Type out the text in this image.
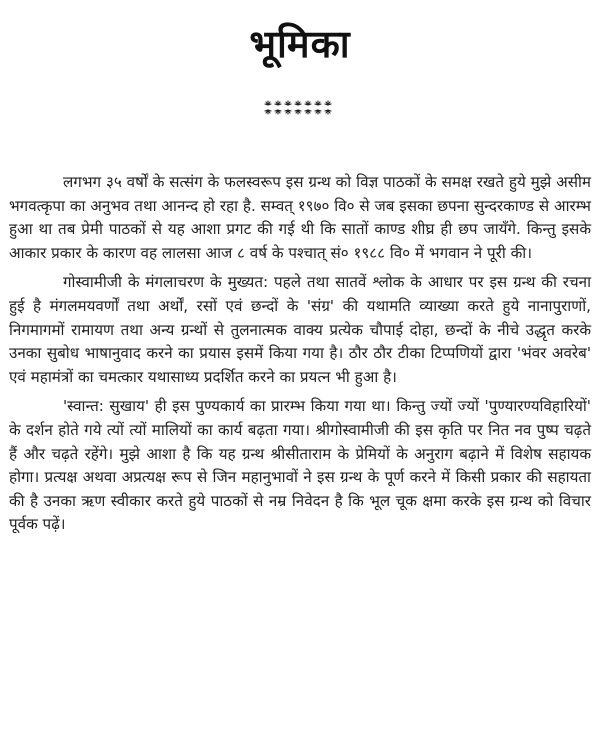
भूमिका

लगभग ३५ वर्षों के सत्संग के फलस्वरूप इस ग्रन्थ को विज्ञ पाठकों के समक्ष रखते हुये मुझे असीम भगवत्कृपा का अनुभव तथा आनन्द हो रहा है. सम्वत् १९७० वि० से जब इसका छपना सुन्दरकाण्ड से आरम्भ हुआ था तब प्रेमी पाठकों से यह आशा प्रगट की गई थी कि सातों काण्ड शीघ्र ही छप जायँगे. किन्तु इसके आकार प्रकार के कारण वह लालसा आज ८ वर्ष के पश्चात् सं० १९८८ वि० में भगवान ने पूरी की।

गोस्वामीजी के मंगलाचरण के मुख्यत: पहले तथा सातवें श्लोक के आधार पर इस ग्रन्थ की रचना हुई है मंगलमयवर्णों तथा अर्थों, रसों एवं छन्दों के 'संग्र' की यथामति व्याख्या करते हुये नानापुराणों, निगमागमों रामायण तथा अन्य ग्रन्थों से तुलनात्मक वाक्य प्रत्येक चौपाई दोहा, छन्दों के नीचे उद्धृत करके उनका सुबोध भाषानुवाद करने का प्रयास इसमें किया गया है। ठौर ठौर टीका टिप्पणियों द्वारा 'भंवर अवरेब' एवं महामंत्रों का चमत्कार यथासाध्य प्रदर्शित करने का प्रयत्न भी हुआ है।

'स्वान्त: सुखाय' ही इस पुण्यकार्य का प्रारम्भ किया गया था। किन्तु ज्यों ज्यों 'पुण्यारण्यविहारियों' के दर्शन होते गये त्यों त्यों मालियों का कार्य बढ़ता गया। श्रीगोस्वामीजी की इस कृति पर नित नव पुष्प चढ़ते हैं और चढ़ते रहेंगे। मुझे आशा है कि यह ग्रन्थ श्रीसीताराम के प्रेमियों के अनुराग बढ़ाने में विशेष सहायक होगा। प्रत्यक्ष अथवा अप्रत्यक्ष रूप से जिन महानुभावों ने इस ग्रन्थ के पूर्ण करने में किसी प्रकार की सहायता की है उनका ऋण स्वीकार करते हुये पाठकों से नम्र निवेदन है कि भूल चूक क्षमा करके इस ग्रन्थ को विचार पूर्वक पढ़ें।
